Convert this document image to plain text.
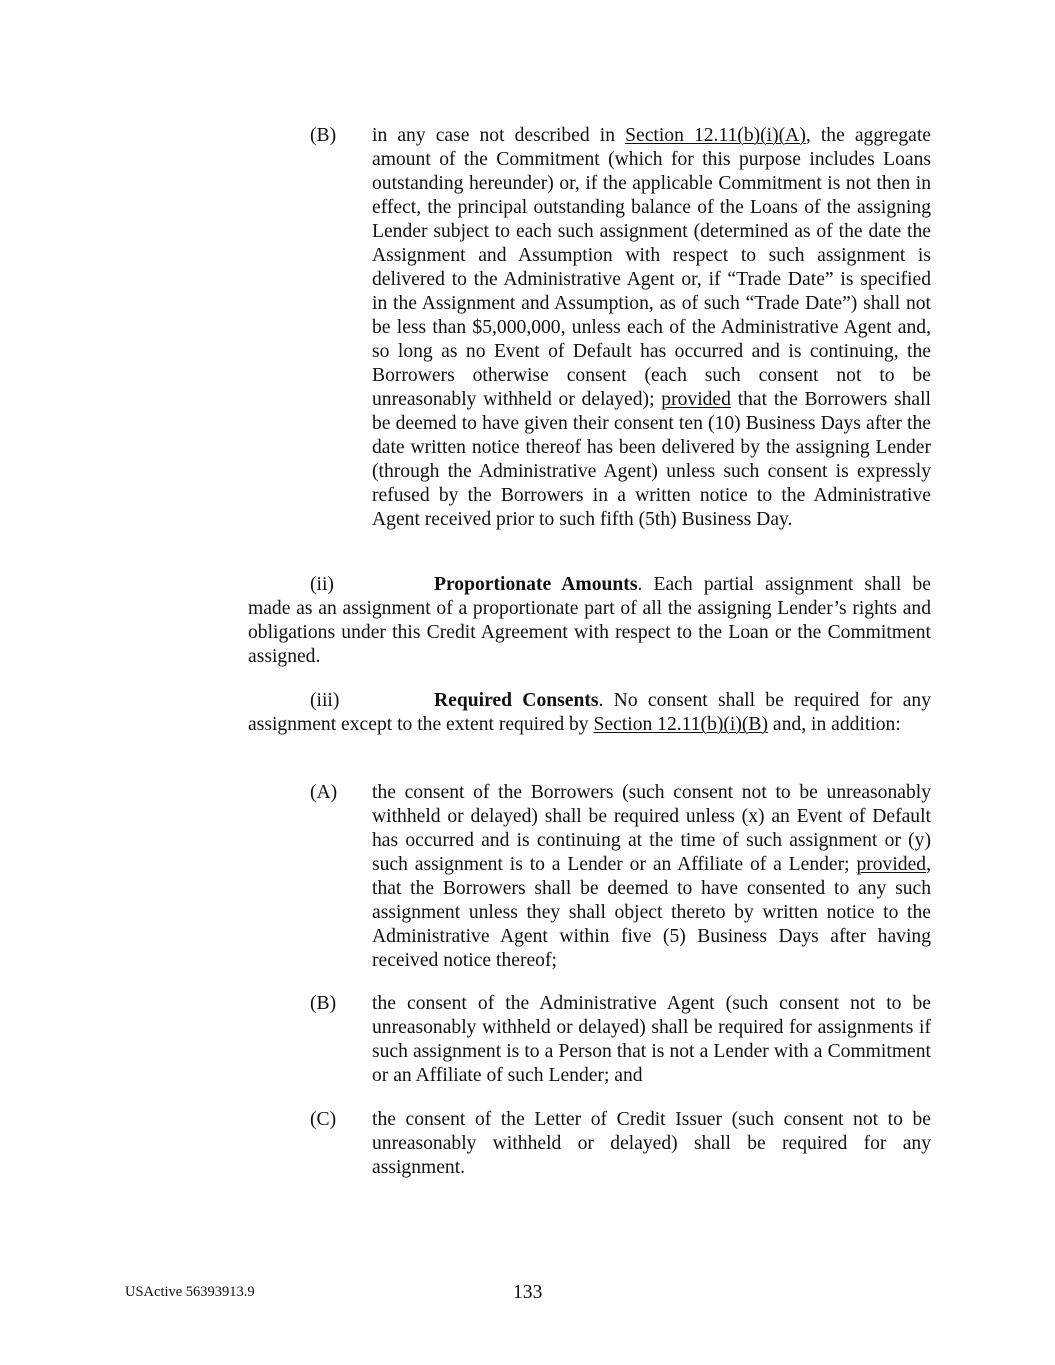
(B) in any case not described in Section 12.11(b)(i)(A), the aggregate amount of the Commitment (which for this purpose includes Loans outstanding hereunder) or, if the applicable Commitment is not then in effect, the principal outstanding balance of the Loans of the assigning Lender subject to each such assignment (determined as of the date the Assignment and Assumption with respect to such assignment is delivered to the Administrative Agent or, if “Trade Date” is specified in the Assignment and Assumption, as of such “Trade Date”) shall not be less than $5,000,000, unless each of the Administrative Agent and, so long as no Event of Default has occurred and is continuing, the Borrowers otherwise consent (each such consent not to be unreasonably withheld or delayed); provided that the Borrowers shall be deemed to have given their consent ten (10) Business Days after the date written notice thereof has been delivered by the assigning Lender (through the Administrative Agent) unless such consent is expressly refused by the Borrowers in a written notice to the Administrative Agent received prior to such fifth (5th) Business Day.
(ii)	Proportionate Amounts. Each partial assignment shall be made as an assignment of a proportionate part of all the assigning Lender’s rights and obligations under this Credit Agreement with respect to the Loan or the Commitment assigned.
(iii)	Required Consents. No consent shall be required for any assignment except to the extent required by Section 12.11(b)(i)(B) and, in addition:
(A) the consent of the Borrowers (such consent not to be unreasonably withheld or delayed) shall be required unless (x) an Event of Default has occurred and is continuing at the time of such assignment or (y) such assignment is to a Lender or an Affiliate of a Lender; provided, that the Borrowers shall be deemed to have consented to any such assignment unless they shall object thereto by written notice to the Administrative Agent within five (5) Business Days after having received notice thereof;
(B) the consent of the Administrative Agent (such consent not to be unreasonably withheld or delayed) shall be required for assignments if such assignment is to a Person that is not a Lender with a Commitment or an Affiliate of such Lender; and
(C) the consent of the Letter of Credit Issuer (such consent not to be unreasonably withheld or delayed) shall be required for any assignment.
USActive 56393913.9	133
